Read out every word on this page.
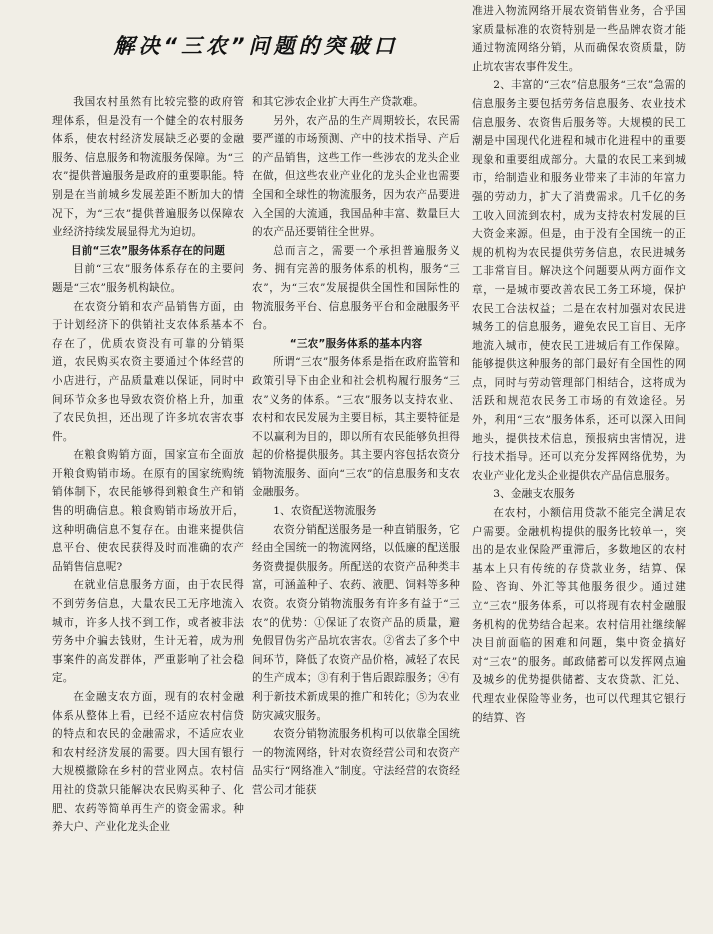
解决“三农”问题的突破口

我国农村虽然有比较完整的政府管理体系，但是没有一个健全的农村服务体系，使农村经济发展缺乏必要的金融服务、信息服务和物流服务保障。为“三农”提供普遍服务是政府的重要职能。特别是在当前城乡发展差距不断加大的情况下，为“三农”提供普遍服务以保障农业经济持续发展显得尤为迫切。

目前“三农”服务体系存在的问题

目前“三农”服务体系存在的主要问题是“三农”服务机构缺位。

在农资分销和农产品销售方面，由于计划经济下的供销社支农体系基本不存在了，优质农资没有可靠的分销渠道，农民购买农资主要通过个体经营的小店进行，产品质量难以保证，同时中间环节众多也导致农资价格上升，加重了农民负担，还出现了许多坑农害农事件。

在粮食购销方面，国家宣布全面放开粮食购销市场。在原有的国家统购统销体制下，农民能够得到粮食生产和销售的明确信息。粮食购销市场放开后，这种明确信息不复存在。由谁来提供信息平台、使农民获得及时而准确的农产品销售信息呢?

在就业信息服务方面，由于农民得不到劳务信息，大量农民工无序地流入城市，许多人找不到工作，或者被非法劳务中介骗去钱财，生计无着，成为刑事案件的高发群体，严重影响了社会稳定。

在金融支农方面，现有的农村金融体系从整体上看，已经不适应农村信贷的特点和农民的金融需求，不适应农业和农村经济发展的需要。四大国有银行大规模撤除在乡村的营业网点。农村信用社的贷款只能解决农民购买种子、化肥、农药等简单再生产的资金需求。种养大户、产业化龙头企业

和其它涉农企业扩大再生产贷款难。

另外，农产品的生产周期较长，农民需要严谨的市场预测、产中的技术指导、产后的产品销售，这些工作一些涉农的龙头企业在做，但这些农业产业化的龙头企业也需要全国和全球性的物流服务，因为农产品要进入全国的大流通，我国品种丰富、数量巨大的农产品还要销往全世界。

总而言之，需要一个承担普遍服务义务、拥有完善的服务体系的机构，服务“三农”，为“三农”发展提供全国性和国际性的物流服务平台、信息服务平台和金融服务平台。

“三农”服务体系的基本内容

所谓“三农”服务体系是指在政府监管和政策引导下由企业和社会机构履行服务“三农”义务的体系。“三农”服务以支持农业、农村和农民发展为主要目标，其主要特征是不以赢利为目的，即以所有农民能够负担得起的价格提供服务。其主要内容包括农资分销物流服务、面向“三农”的信息服务和支农金融服务。

1、农资配送物流服务

农资分销配送服务是一种直销服务，它经由全国统一的物流网络，以低廉的配送服务资费提供服务。所配送的农资产品种类丰富，可涵盖种子、农药、液肥、饲料等多种农资。农资分销物流服务有许多有益于“三农”的优势：①保证了农资产品的质量，避免假冒伪劣产品坑农害农。②省去了多个中间环节，降低了农资产品价格，减轻了农民的生产成本；③有利于售后跟踪服务；④有利于新技术新成果的推广和转化；⑤为农业防灾减灾服务。

农资分销物流服务机构可以依靠全国统一的物流网络，针对农资经营公司和农资产品实行“网络准入”制度。守法经营的农资经营公司才能获

准进入物流网络开展农资销售业务，合乎国家质量标准的农资特别是一些品牌农资才能通过物流网络分销，从而确保农资质量，防止坑农害农事件发生。

2、丰富的“三农”信息服务“三农”急需的信息服务主要包括劳务信息服务、农业技术信息服务、农资售后服务等。大规模的民工潮是中国现代化进程和城市化进程中的重要现象和重要组成部分。大量的农民工来到城市，给制造业和服务业带来了丰沛的年富力强的劳动力，扩大了消费需求。几千亿的务工收入回流到农村，成为支持农村发展的巨大资金来源。但是，由于没有全国统一的正规的机构为农民提供劳务信息，农民进城务工非常盲目。解决这个问题要从两方面作文章，一是城市要改善农民工务工环境，保护农民工合法权益；二是在农村加强对农民进城务工的信息服务，避免农民工盲目、无序地流入城市，使农民工进城后有工作保障。能够提供这种服务的部门最好有全国性的网点，同时与劳动管理部门相结合，这将成为活跃和规范农民务工市场的有效途径。另外，利用“三农”服务体系，还可以深入田间地头，提供技术信息，预报病虫害情况，进行技术指导。还可以充分发挥网络优势，为农业产业化龙头企业提供农产品信息服务。

3、金融支农服务

在农村，小额信用贷款不能完全满足农户需要。金融机构提供的服务比较单一，突出的是农业保险严重滞后，多数地区的农村基本上只有传统的存贷款业务，结算、保险、咨询、外汇等其他服务很少。通过建立“三农”服务体系，可以将现有农村金融服务机构的优势结合起来。农村信用社继续解决目前面临的困难和问题，集中资金搞好对“三农”的服务。邮政储蓄可以发挥网点遍及城乡的优势提供储蓄、支农贷款、汇兑、代理农业保险等业务，也可以代理其它银行的结算、咨
